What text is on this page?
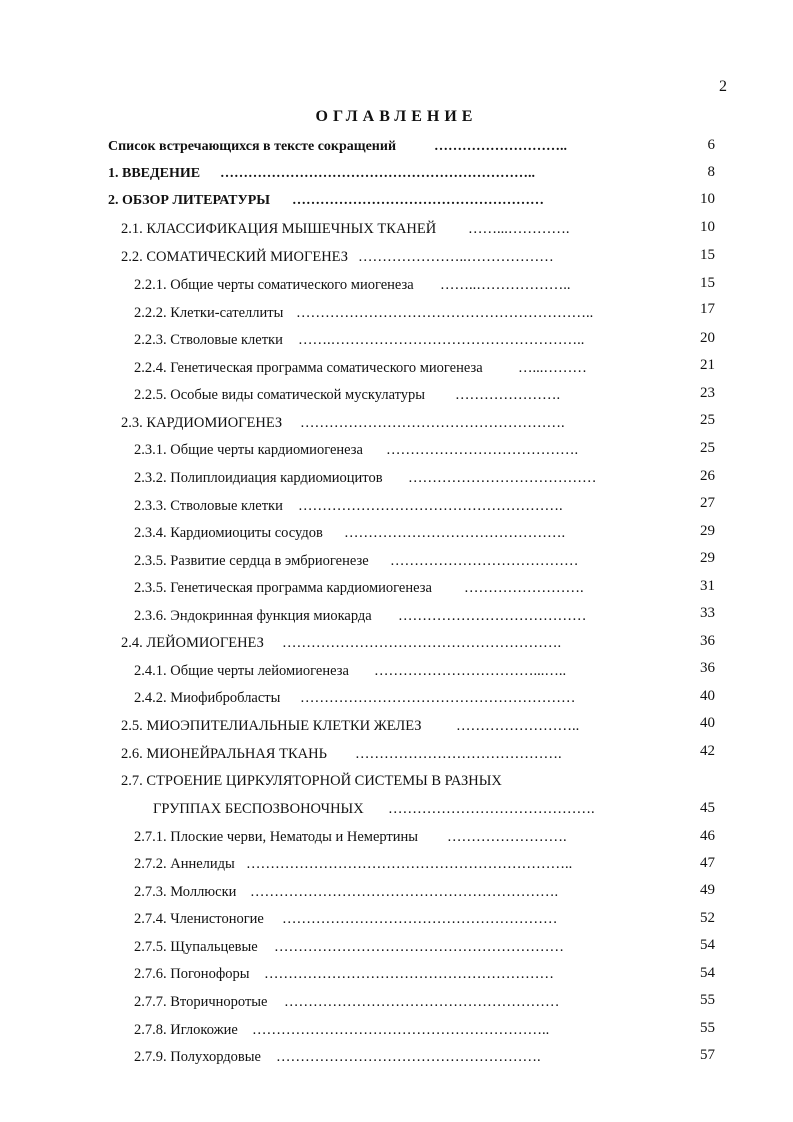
2
ОГЛАВЛЕНИЕ
Список встречающихся в тексте сокращений	………………………..	6
1. ВВЕДЕНИЕ …………………………………………………………..	8
2. ОБЗОР ЛИТЕРАТУРЫ ………………………………………………	10
2.1. КЛАССИФИКАЦИЯ МЫШЕЧНЫХ ТКАНЕЙ ……...………….	10
2.2. СОМАТИЧЕСКИЙ МИОГЕНЕЗ …………………..………………	15
2.2.1. Общие черты соматического миогенеза ……..………………..	15
2.2.2. Клетки-сателлиты ……………………………………………………..	17
2.2.3. Стволовые клетки …….……………………………………………..	20
2.2.4. Генетическая программа соматического миогенеза …...………	21
2.2.5. Особые виды соматической мускулатуры ………………….	23
2.3. КАРДИОМИОГЕНЕЗ ……………………………………………….	25
2.3.1. Общие черты кардиомиогенеза ………………………………….	25
2.3.2. Полиплоидиация кардиомиоцитов …………………………………	26
2.3.3. Стволовые клетки ……………………………………………….	27
2.3.4. Кардиомиоциты сосудов ……………………………………….	29
2.3.5. Развитие сердца в эмбриогенезе …………………………………	29
2.3.5. Генетическая программа кардиомиогенеза …………………….	31
2.3.6. Эндокринная функция миокарда …………………………………	33
2.4. ЛЕЙОМИОГЕНЕЗ ………………………………………………….	36
2.4.1. Общие черты лейомиогенеза ……………………………...…..	36
2.4.2. Миофибробласты …………………………………………………	40
2.5. МИОЭПИТЕЛИАЛЬНЫЕ КЛЕТКИ ЖЕЛЕЗ ……………………..	40
2.6. МИОНЕЙРАЛЬНАЯ ТКАНЬ …………………………………….	42
2.7. СТРОЕНИЕ ЦИРКУЛЯТОРНОЙ СИСТЕМЫ В РАЗНЫХ
ГРУППАХ БЕСПОЗВОНОЧНЫХ …………………………………….	45
2.7.1. Плоские черви, Нематоды и Немертины …………………….	46
2.7.2. Аннелиды …………………………………………………………..	47
2.7.3. Моллюски ……………………………………………………….	49
2.7.4. Членистоногие …………………………………………………	52
2.7.5. Щупальцевые ……………………………………………………	54
2.7.6. Погонофоры ……………………………………………………	54
2.7.7. Вторичноротые …………………………………………………	55
2.7.8. Иглокожие ……………………………………………………..	55
2.7.9. Полухордовые ……………………………………………….	57
